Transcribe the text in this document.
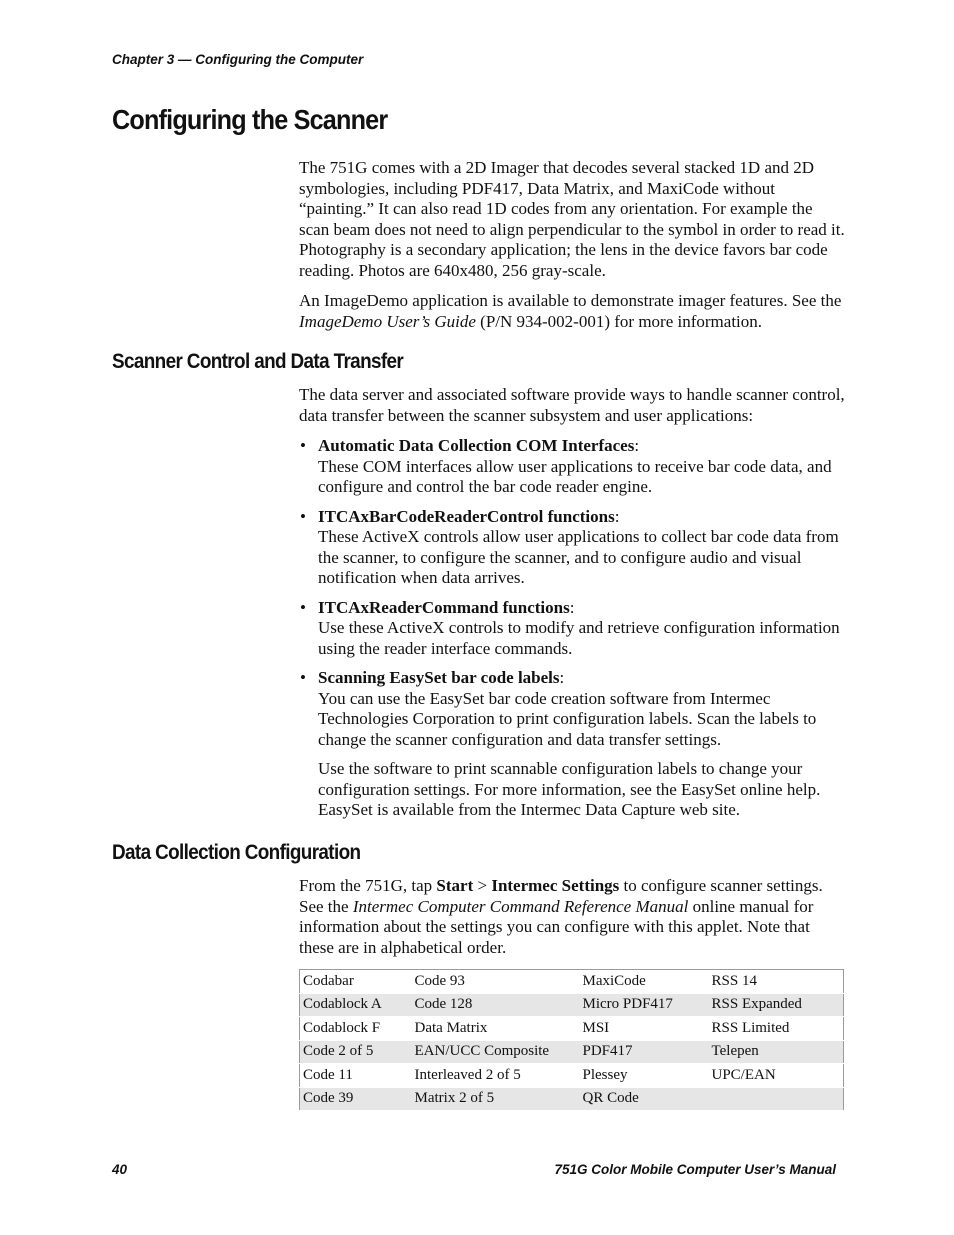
Chapter 3 — Configuring the Computer
Configuring the Scanner

The 751G comes with a 2D Imager that decodes several stacked 1D and 2D symbologies, including PDF417, Data Matrix, and MaxiCode without “painting.” It can also read 1D codes from any orientation. For example the scan beam does not need to align perpendicular to the symbol in order to read it. Photography is a secondary application; the lens in the device favors bar code reading. Photos are 640x480, 256 gray-scale.

An ImageDemo application is available to demonstrate imager features. See the ImageDemo User’s Guide (P/N 934-002-001) for more information.

Scanner Control and Data Transfer

The data server and associated software provide ways to handle scanner control, data transfer between the scanner subsystem and user applications:

• Automatic Data Collection COM Interfaces:

These COM interfaces allow user applications to receive bar code data, and configure and control the bar code reader engine.

• ITCAxBarCodeReaderControl functions:

These ActiveX controls allow user applications to collect bar code data from the scanner, to configure the scanner, and to configure audio and visual notification when data arrives.

• ITCAxReaderCommand functions:

Use these ActiveX controls to modify and retrieve configuration information using the reader interface commands.

• Scanning EasySet bar code labels:

You can use the EasySet bar code creation software from Intermec Technologies Corporation to print configuration labels. Scan the labels to change the scanner configuration and data transfer settings.

Use the software to print scannable configuration labels to change your configuration settings. For more information, see the EasySet online help. EasySet is available from the Intermec Data Capture web site.

Data Collection Configuration

From the 751G, tap Start > Intermec Settings to configure scanner settings. See the Intermec Computer Command Reference Manual online manual for information about the settings you can configure with this applet. Note that these are in alphabetical order.

Codabar	Code 93	MaxiCode	RSS 14
Codablock A	Code 128	Micro PDF417	RSS Expanded
Codablock F	Data Matrix	MSI	RSS Limited
Code 2 of 5	EAN/UCC Composite	PDF417	Telepen
Code 11	Interleaved 2 of 5	Plessey	UPC/EAN
Code 39	Matrix 2 of 5	QR Code	
40	751G Color Mobile Computer User’s Manual
